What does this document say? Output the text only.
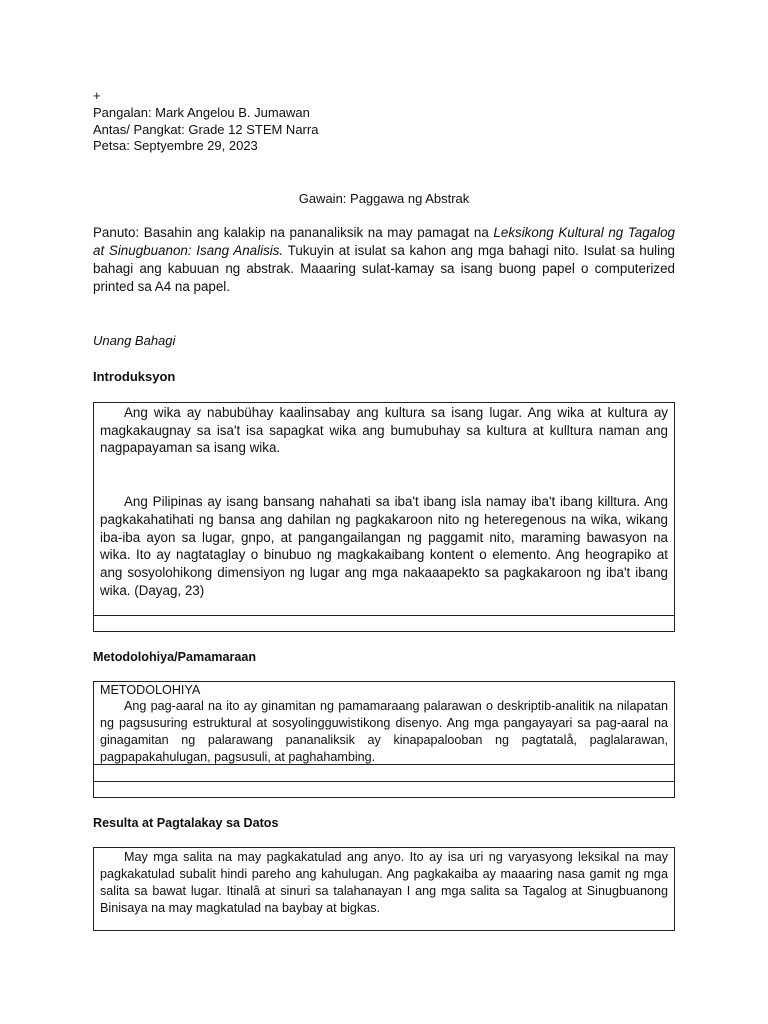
+
Pangalan: Mark Angelou B. Jumawan
Antas/ Pangkat: Grade 12 STEM Narra
Petsa: Septyembre 29, 2023
Gawain: Paggawa ng Abstrak
Panuto: Basahin ang kalakip na pananaliksik na may pamagat na Leksikong Kultural ng Tagalog at Sinugbuanon: Isang Analisis. Tukuyin at isulat sa kahon ang mga bahagi nito. Isulat sa huling bahagi ang kabuuan ng abstrak. Maaaring sulat-kamay sa isang buong papel o computerized printed sa A4 na papel.
Unang Bahagi
Introduksyon

Ang wika ay nabubühay kaalinsabay ang kultura sa isang lugar. Ang wika at kultura ay magkakaugnay sa isa't isa sapagkat wika ang bumubuhay sa kultura at kulltura naman ang nagpapayaman sa isang wika.

Ang Pilipinas ay isang bansang nahahati sa iba't ibang isla namay iba't ibang killtura. Ang pagkakahatihati ng bansa ang dahilan ng pagkakaroon nito ng heteregenous na wika, wikang iba-iba ayon sa lugar, gnpo, at pangangailangan ng paggamit nito, maraming bawasyon na wika. Ito ay nagtataglay o binubuo ng magkakaibang kontent o elemento. Ang heograpiko at ang sosyolohikong dimensiyon ng lugar ang mga nakaaapekto sa pagkakaroon ng iba't ibang wika. (Dayag, 23)

Metodolohiya/Pamamaraan
METODOLOHIYA

Ang pag-aaral na ito ay ginamitan ng pamamaraang palarawan o deskriptib-analitik na nilapatan ng pagsusuring estruktural at sosyolingguwistikong disenyo. Ang mga pangayayari sa pag-aaral na ginagamitan ng palarawang pananaliksik ay kinapapalooban ng pagtatalå, paglalarawan, pagpapakahulugan, pagsusuli, at paghahambing.

Resulta at Pagtalakay sa Datos

May mga salita na may pagkakatulad ang anyo. Ito ay isa uri ng varyasyong leksikal na may pagkakatulad subalit hindi pareho ang kahulugan. Ang pagkakaiba ay maaaring nasa gamit ng mga salita sa bawat lugar. Itinalâ at sinuri sa talahanayan I ang mga salita sa Tagalog at Sinugbuanong Binisaya na may magkatulad na baybay at bigkas.
